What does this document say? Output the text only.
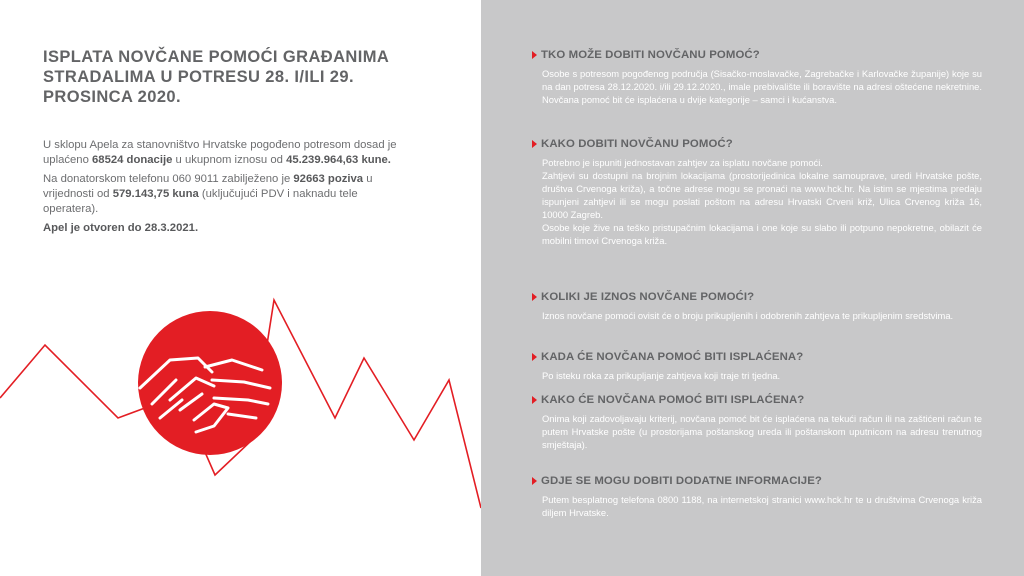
ISPLATA NOVČANE POMOĆI GRAĐANIMA STRADALIMA U POTRESU 28. I/ILI 29. PROSINCA 2020.

U sklopu Apela za stanovništvo Hrvatske pogođeno potresom dosad je uplaćeno 68524 donacije u ukupnom iznosu od 45.239.964,63 kune.

Na donatorskom telefonu 060 9011 zabilježeno je 92663 poziva u vrijednosti od 579.143,75 kuna (uključujući PDV i naknadu tele operatera).

Apel je otvoren do 28.3.2021.

TKO MOŽE DOBITI NOVČANU POMOĆ?

Osobe s potresom pogođenog područja (Sisačko-moslavačke, Zagrebačke i Karlovačke županije) koje su na dan potresa 28.12.2020. i/ili 29.12.2020., imale prebivalište ili boravište na adresi oštećene nekretnine. Novčana pomoć bit će isplaćena u dvije kategorije – samci i kućanstva.

KAKO DOBITI NOVČANU POMOĆ?

Potrebno je ispuniti jednostavan zahtjev za isplatu novčane pomoći.

Zahtjevi su dostupni na brojnim lokacijama (prostorijedinica lokalne samouprave, uredi Hrvatske pošte, društva Crvenoga križa), a točne adrese mogu se pronaći na www.hck.hr. Na istim se mjestima predaju ispunjeni zahtjevi ili se mogu poslati poštom na adresu Hrvatski Crveni križ, Ulica Crvenog križa 16, 10000 Zagreb.

Osobe koje žive na teško pristupačnim lokacijama i one koje su slabo ili potpuno nepokretne, obilazit će mobilni timovi Crvenoga križa.

KOLIKI JE IZNOS NOVČANE POMOĆI?

Iznos novčane pomoći ovisit će o broju prikupljenih i odobrenih zahtjeva te prikupljenim sredstvima.

KADA ĆE NOVČANA POMOĆ BITI ISPLAĆENA?

Po isteku roka za prikupljanje zahtjeva koji traje tri tjedna.

KAKO ĆE NOVČANA POMOĆ BITI ISPLAĆENA?

Onima koji zadovoljavaju kriterij, novčana pomoć bit će isplaćena na tekući račun ili na zaštićeni račun te putem Hrvatske pošte (u prostorijama poštanskog ureda ili poštanskom uputnicom na adresu trenutnog smještaja).

GDJE SE MOGU DOBITI DODATNE INFORMACIJE?

Putem besplatnog telefona 0800 1188, na internetskoj stranici www.hck.hr te u društvima Crvenoga križa diljem Hrvatske.
